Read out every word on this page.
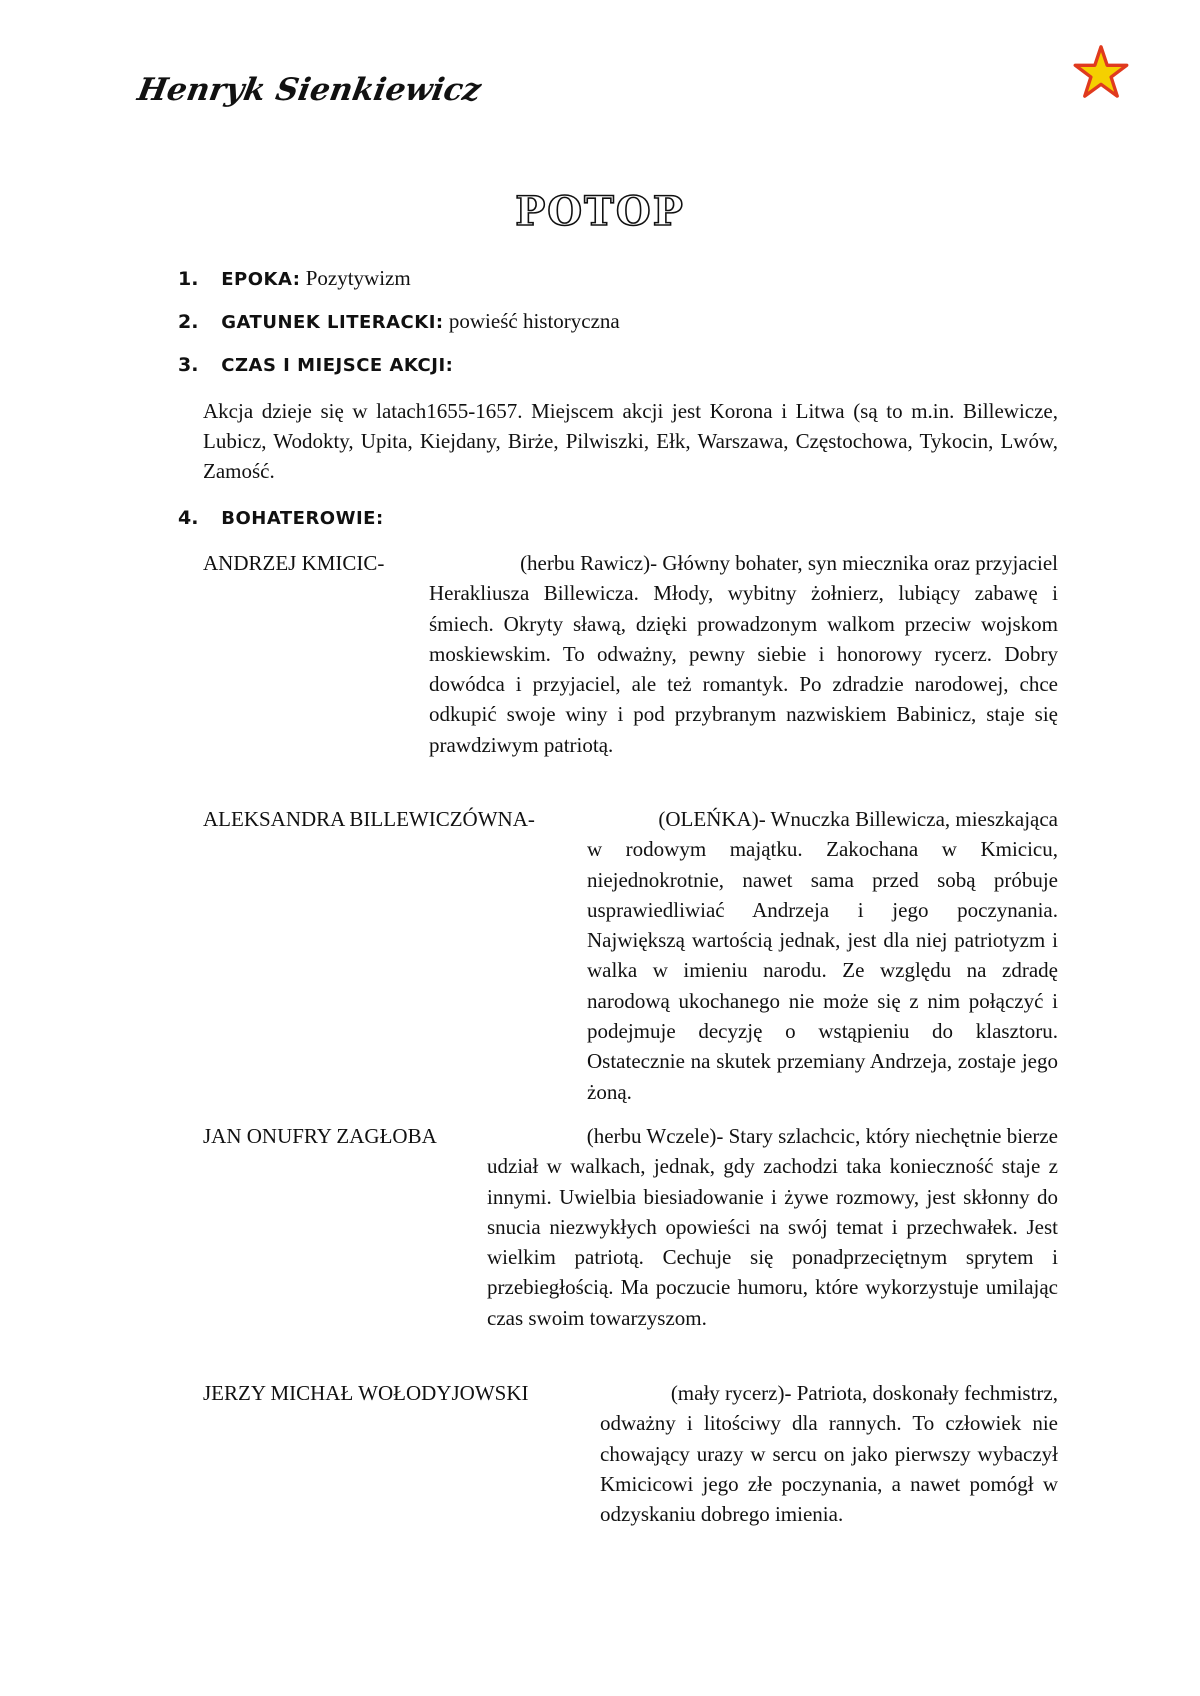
Henryk Sienkiewicz
POTOP
1. EPOKA: Pozytywizm
2. GATUNEK LITERACKI: powieść historyczna
3. CZAS I MIEJSCE AKCJI:
Akcja dzieje się w latach1655-1657. Miejscem akcji jest Korona i Litwa (są to m.in. Billewicze, Lubicz, Wodokty, Upita, Kiejdany, Birże, Pilwiszki, Ełk, Warszawa, Częstochowa, Tykocin, Lwów, Zamość.
4. BOHATEROWIE:
ANDRZEJ KMICIC-	(herbu Rawicz)- Główny bohater, syn miecznika oraz przyjaciel

Herakliusza Billewicza. Młody, wybitny żołnierz, lubiący zabawę i śmiech. Okryty sławą, dzięki prowadzonym walkom przeciw wojskom moskiewskim. To odważny, pewny siebie i honorowy rycerz. Dobry dowódca i przyjaciel, ale też romantyk. Po zdradzie narodowej, chce odkupić swoje winy i pod przybranym nazwiskiem Babinicz, staje się prawdziwym patriotą.

ALEKSANDRA BILLEWICZÓWNA-	(OLEŃKA)- Wnuczka Billewicza, mieszkająca

w rodowym majątku. Zakochana w Kmicicu, niejednokrotnie, nawet sama przed sobą próbuje usprawiedliwiać Andrzeja i jego poczynania. Największą wartością jednak, jest dla niej patriotyzm i walka w imieniu narodu. Ze względu na zdradę narodową ukochanego nie może się z nim połączyć i podejmuje decyzję o wstąpieniu do klasztoru. Ostatecznie na skutek przemiany Andrzeja, zostaje jego żoną.

JAN ONUFRY ZAGŁOBA	(herbu Wczele)- Stary szlachcic, który niechętnie bierze

udział w walkach, jednak, gdy zachodzi taka konieczność staje z innymi. Uwielbia biesiadowanie i żywe rozmowy, jest skłonny do snucia niezwykłych opowieści na swój temat i przechwałek. Jest wielkim patriotą. Cechuje się ponadprzeciętnym sprytem i przebiegłością. Ma poczucie humoru, które wykorzystuje umilając czas swoim towarzyszom.

JERZY MICHAŁ WOŁODYJOWSKI	(mały rycerz)- Patriota, doskonały fechmistrz,

odważny i litościwy dla rannych. To człowiek nie chowający urazy w sercu on jako pierwszy wybaczył Kmicicowi jego złe poczynania, a nawet pomógł w odzyskaniu dobrego imienia.
